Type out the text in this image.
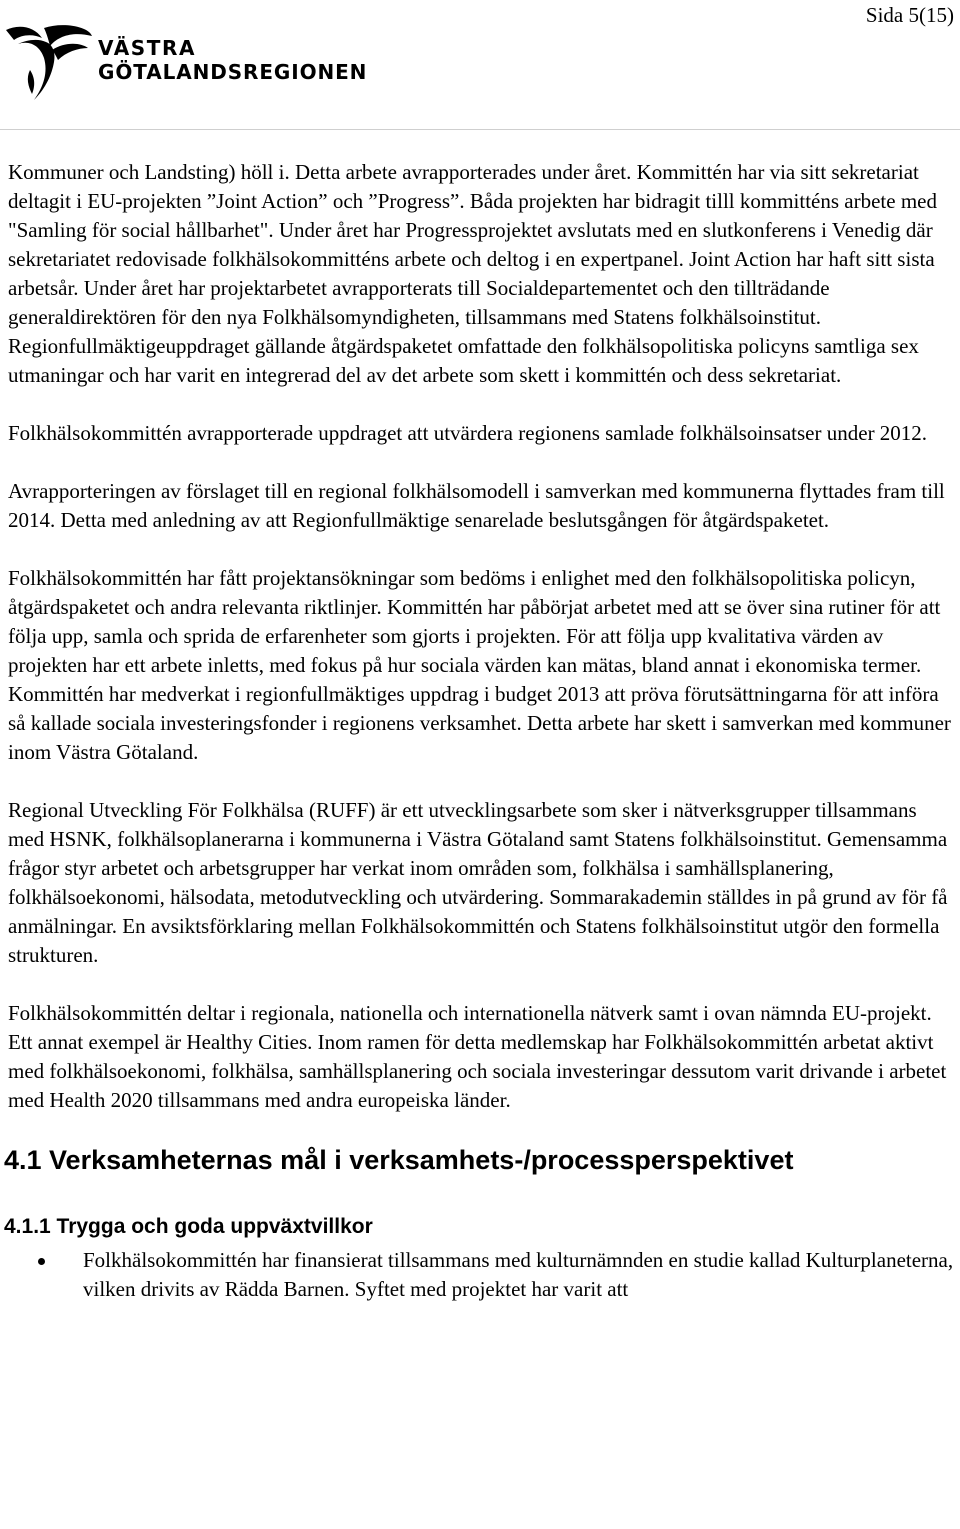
Sida 5(15)
VÄSTRA
GÖTALANDSREGIONEN

Kommuner och Landsting) höll i. Detta arbete avrapporterades under året. Kommittén har via sitt sekretariat deltagit i EU-projekten ”Joint Action” och ”Progress”. Båda projekten har bidragit tilll kommitténs arbete med "Samling för social hållbarhet". Under året har Progressprojektet avslutats med en slutkonferens i Venedig där sekretariatet redovisade folkhälsokommitténs arbete och deltog i en expertpanel. Joint Action har haft sitt sista arbetsår. Under året har projektarbetet avrapporterats till Socialdepartementet och den tillträdande generaldirektören för den nya Folkhälsomyndigheten, tillsammans med Statens folkhälsoinstitut. Regionfullmäktigeuppdraget gällande åtgärdspaketet omfattade den folkhälsopolitiska policyns samtliga sex utmaningar och har varit en integrerad del av det arbete som skett i kommittén och dess sekretariat.

Folkhälsokommittén avrapporterade uppdraget att utvärdera regionens samlade folkhälsoinsatser under 2012.

Avrapporteringen av förslaget till en regional folkhälsomodell i samverkan med kommunerna flyttades fram till 2014. Detta med anledning av att Regionfullmäktige senarelade beslutsgången för åtgärdspaketet.

Folkhälsokommittén har fått projektansökningar som bedöms i enlighet med den folkhälsopolitiska policyn, åtgärdspaketet och andra relevanta riktlinjer. Kommittén har påbörjat arbetet med att se över sina rutiner för att följa upp, samla och sprida de erfarenheter som gjorts i projekten. För att följa upp kvalitativa värden av projekten har ett arbete inletts, med fokus på hur sociala värden kan mätas, bland annat i ekonomiska termer. Kommittén har medverkat i regionfullmäktiges uppdrag i budget 2013 att pröva förutsättningarna för att införa så kallade sociala investeringsfonder i regionens verksamhet. Detta arbete har skett i samverkan med kommuner inom Västra Götaland.

Regional Utveckling För Folkhälsa (RUFF) är ett utvecklingsarbete som sker i nätverksgrupper tillsammans med HSNK, folkhälsoplanerarna i kommunerna i Västra Götaland samt Statens folkhälsoinstitut. Gemensamma frågor styr arbetet och arbetsgrupper har verkat inom områden som, folkhälsa i samhällsplanering, folkhälsoekonomi, hälsodata, metodutveckling och utvärdering. Sommarakademin ställdes in på grund av för få anmälningar. En avsiktsförklaring mellan Folkhälsokommittén och Statens folkhälsoinstitut utgör den formella strukturen.

Folkhälsokommittén deltar i regionala, nationella och internationella nätverk samt i ovan nämnda EU-projekt. Ett annat exempel är Healthy Cities. Inom ramen för detta medlemskap har Folkhälsokommittén arbetat aktivt med folkhälsoekonomi, folkhälsa, samhällsplanering och sociala investeringar dessutom varit drivande i arbetet med Health 2020 tillsammans med andra europeiska länder.

4.1 Verksamheternas mål i verksamhets-/processperspektivet
4.1.1 Trygga och goda uppväxtvillkor
Folkhälsokommittén har finansierat tillsammans med kulturnämnden en studie kallad Kulturplaneterna, vilken drivits av Rädda Barnen. Syftet med projektet har varit att
